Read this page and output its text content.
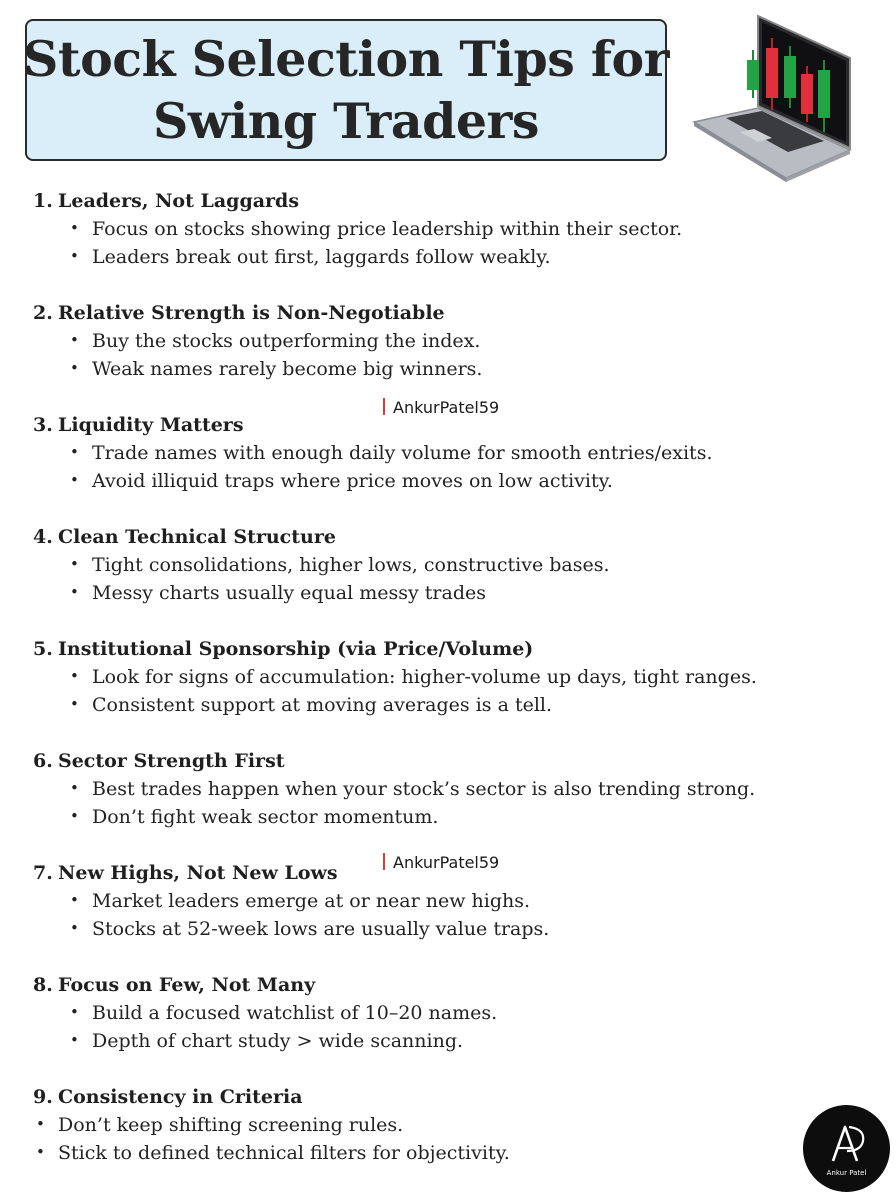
Stock Selection Tips for
Swing Traders
1. Leaders, Not Laggards
• Focus on stocks showing price leadership within their sector.
• Leaders break out first, laggards follow weakly.
2. Relative Strength is Non-Negotiable
• Buy the stocks outperforming the index.
• Weak names rarely become big winners.
3. Liquidity Matters
• Trade names with enough daily volume for smooth entries/exits.
• Avoid illiquid traps where price moves on low activity.
4. Clean Technical Structure
• Tight consolidations, higher lows, constructive bases.
• Messy charts usually equal messy trades
5. Institutional Sponsorship (via Price/Volume)
• Look for signs of accumulation: higher-volume up days, tight ranges.
• Consistent support at moving averages is a tell.
6. Sector Strength First
• Best trades happen when your stock’s sector is also trending strong.
• Don’t fight weak sector momentum.
7. New Highs, Not New Lows
• Market leaders emerge at or near new highs.
• Stocks at 52-week lows are usually value traps.
8. Focus on Few, Not Many
• Build a focused watchlist of 10–20 names.
• Depth of chart study > wide scanning.
9. Consistency in Criteria
• Don’t keep shifting screening rules.
• Stick to defined technical filters for objectivity.
AnkurPatel59
AnkurPatel59
Ankur Patel
